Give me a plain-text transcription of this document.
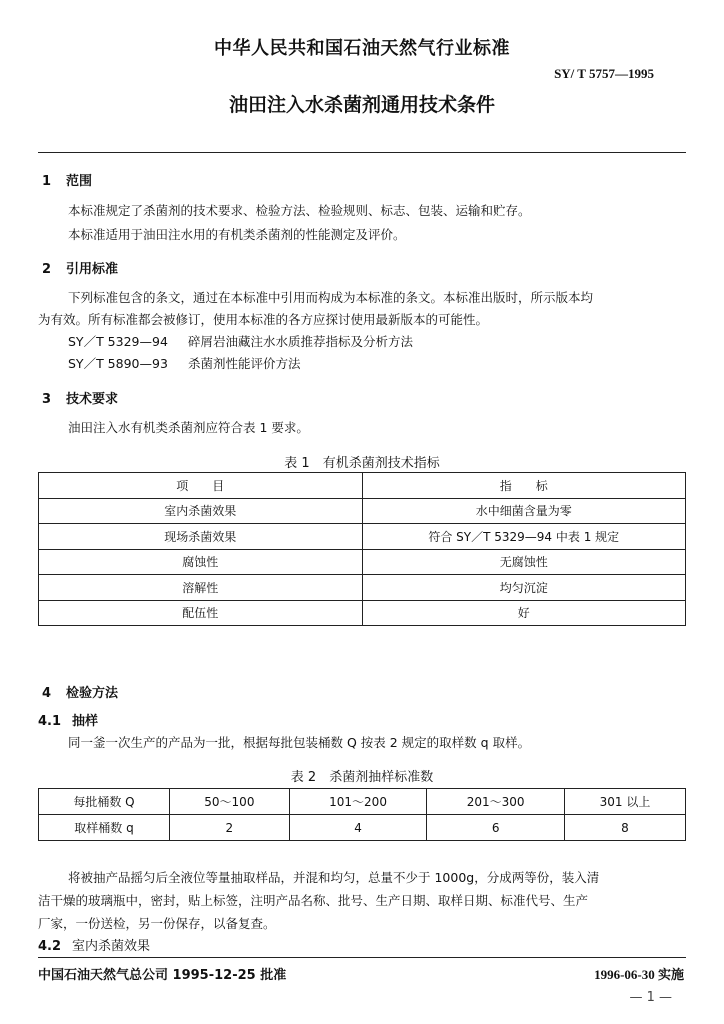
中华人民共和国石油天然气行业标准
SY/ T 5757—1995
油田注入水杀菌剂通用技术条件
1 范围
本标准规定了杀菌剂的技术要求、检验方法、检验规则、标志、包装、运输和贮存。
本标准适用于油田注水用的有机类杀菌剂的性能测定及评价。
2 引用标准
下列标准包含的条文，通过在本标准中引用而构成为本标准的条文。本标准出版时，所示版本均
为有效。所有标准都会被修订，使用本标准的各方应探讨使用最新版本的可能性。
SY／T 5329—94 碎屑岩油藏注水水质推荐指标及分析方法
SY／T 5890—93 杀菌剂性能评价方法
3 技术要求
油田注入水有机类杀菌剂应符合表 1 要求。
表 1　有机杀菌剂技术指标
项　　目	指　　标
室内杀菌效果	水中细菌含量为零
现场杀菌效果	符合 SY／T 5329—94 中表 1 规定
腐蚀性	无腐蚀性
溶解性	均匀沉淀
配伍性	好
4 检验方法
4.1 抽样
同一釜一次生产的产品为一批，根据每批包装桶数 Q 按表 2 规定的取样数 q 取样。
表 2　杀菌剂抽样标准数
每批桶数 Q	50～100	101～200	201～300	301 以上
取样桶数 q	2	4	6	8
将被抽产品摇匀后全液位等量抽取样品，并混和均匀，总量不少于 1000g，分成两等份，装入清
洁干燥的玻璃瓶中，密封，贴上标签，注明产品名称、批号、生产日期、取样日期、标准代号、生产
厂家，一份送检，另一份保存，以备复查。
4.2 室内杀菌效果
中国石油天然气总公司 1995-12-25 批准	1996-06-30 实施
— 1 —
